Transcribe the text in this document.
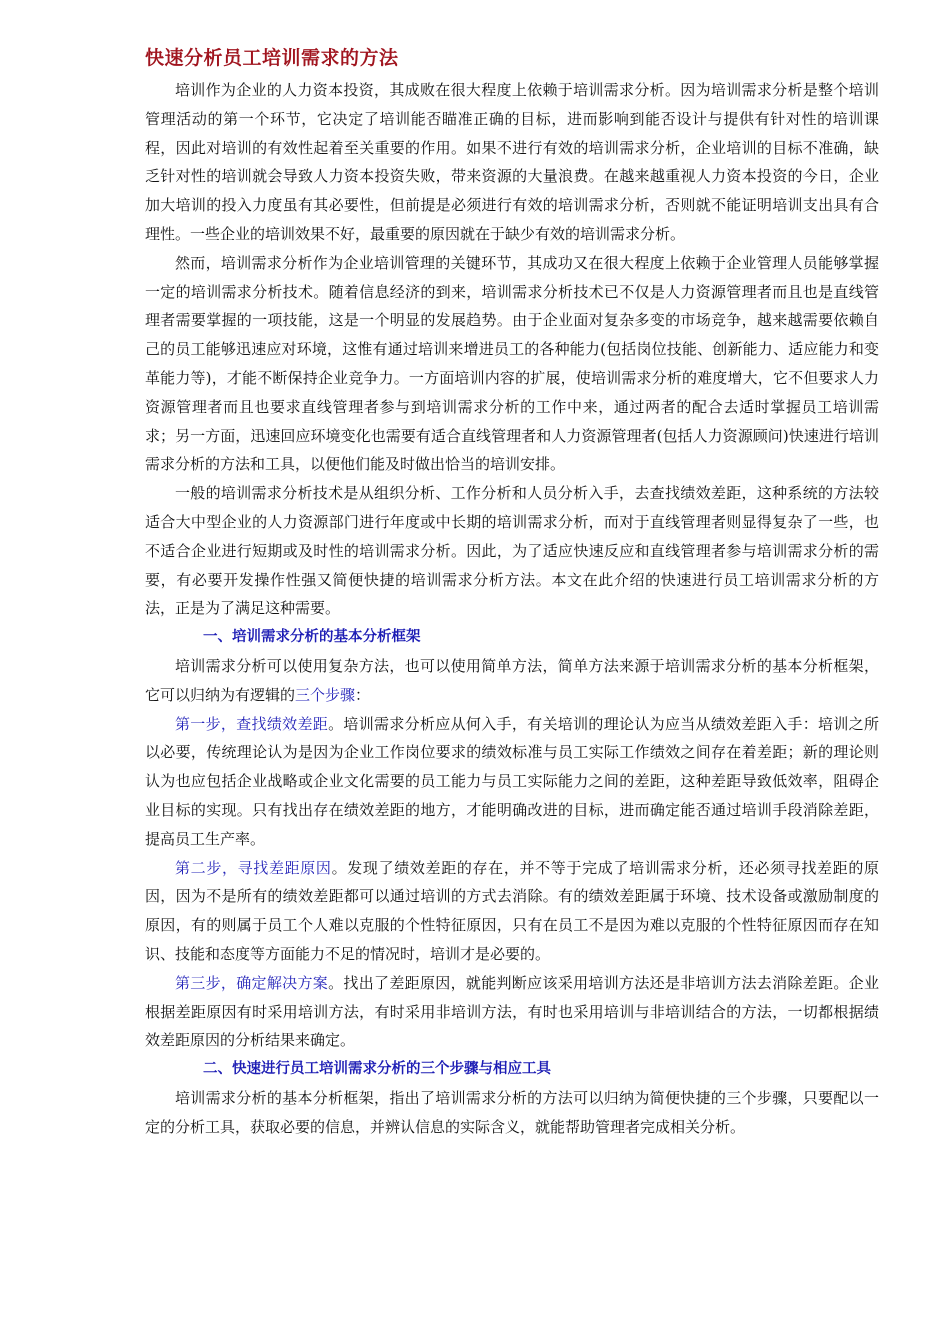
快速分析员工培训需求的方法

培训作为企业的人力资本投资，其成败在很大程度上依赖于培训需求分析。因为培训需求分析是整个培训管理活动的第一个环节，它决定了培训能否瞄准正确的目标，进而影响到能否设计与提供有针对性的培训课程，因此对培训的有效性起着至关重要的作用。如果不进行有效的培训需求分析，企业培训的目标不准确，缺乏针对性的培训就会导致人力资本投资失败，带来资源的大量浪费。在越来越重视人力资本投资的今日，企业加大培训的投入力度虽有其必要性，但前提是必须进行有效的培训需求分析，否则就不能证明培训支出具有合理性。一些企业的培训效果不好，最重要的原因就在于缺少有效的培训需求分析。

然而，培训需求分析作为企业培训管理的关键环节，其成功又在很大程度上依赖于企业管理人员能够掌握一定的培训需求分析技术。随着信息经济的到来，培训需求分析技术已不仅是人力资源管理者而且也是直线管理者需要掌握的一项技能，这是一个明显的发展趋势。由于企业面对复杂多变的市场竞争，越来越需要依赖自己的员工能够迅速应对环境，这惟有通过培训来增进员工的各种能力(包括岗位技能、创新能力、适应能力和变革能力等)，才能不断保持企业竞争力。一方面培训内容的扩展，使培训需求分析的难度增大，它不但要求人力资源管理者而且也要求直线管理者参与到培训需求分析的工作中来，通过两者的配合去适时掌握员工培训需求；另一方面，迅速回应环境变化也需要有适合直线管理者和人力资源管理者(包括人力资源顾问)快速进行培训需求分析的方法和工具，以便他们能及时做出恰当的培训安排。

一般的培训需求分析技术是从组织分析、工作分析和人员分析入手，去查找绩效差距，这种系统的方法较适合大中型企业的人力资源部门进行年度或中长期的培训需求分析，而对于直线管理者则显得复杂了一些，也不适合企业进行短期或及时性的培训需求分析。因此，为了适应快速反应和直线管理者参与培训需求分析的需要，有必要开发操作性强又简便快捷的培训需求分析方法。本文在此介绍的快速进行员工培训需求分析的方法，正是为了满足这种需要。

一、培训需求分析的基本分析框架

培训需求分析可以使用复杂方法，也可以使用简单方法，简单方法来源于培训需求分析的基本分析框架，它可以归纳为有逻辑的三个步骤：

第一步，查找绩效差距。培训需求分析应从何入手，有关培训的理论认为应当从绩效差距入手：培训之所以必要，传统理论认为是因为企业工作岗位要求的绩效标准与员工实际工作绩效之间存在着差距；新的理论则认为也应包括企业战略或企业文化需要的员工能力与员工实际能力之间的差距，这种差距导致低效率，阻碍企业目标的实现。只有找出存在绩效差距的地方，才能明确改进的目标，进而确定能否通过培训手段消除差距，提高员工生产率。

第二步，寻找差距原因。发现了绩效差距的存在，并不等于完成了培训需求分析，还必须寻找差距的原因，因为不是所有的绩效差距都可以通过培训的方式去消除。有的绩效差距属于环境、技术设备或激励制度的原因，有的则属于员工个人难以克服的个性特征原因，只有在员工不是因为难以克服的个性特征原因而存在知识、技能和态度等方面能力不足的情况时，培训才是必要的。

第三步，确定解决方案。找出了差距原因，就能判断应该采用培训方法还是非培训方法去消除差距。企业根据差距原因有时采用培训方法，有时采用非培训方法，有时也采用培训与非培训结合的方法，一切都根据绩效差距原因的分析结果来确定。

二、快速进行员工培训需求分析的三个步骤与相应工具

培训需求分析的基本分析框架，指出了培训需求分析的方法可以归纳为简便快捷的三个步骤，只要配以一定的分析工具，获取必要的信息，并辨认信息的实际含义，就能帮助管理者完成相关分析。
